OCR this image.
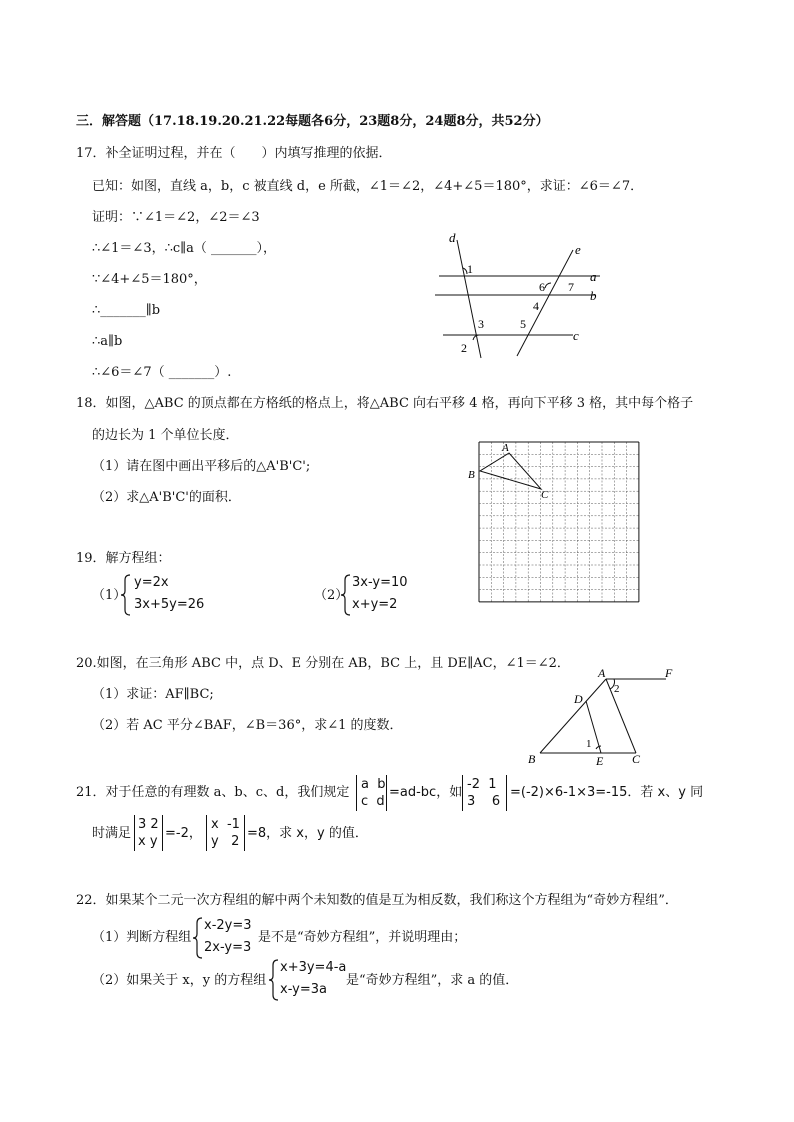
三．解答题（17.18.19.20.21.22每题各6分，23题8分，24题8分，共52分）
17．补全证明过程，并在（　　）内填写推理的依据．
已知：如图，直线 a，b，c 被直线 d，e 所截，∠1＝∠2，∠4+∠5＝180°，求证：∠6＝∠7．
证明：∵∠1＝∠2，∠2＝∠3
∴∠1＝∠3，∴c∥a（ _______），
∵∠4+∠5＝180°，
∴_______∥b
∴a∥b
∴∠6＝∠7（ _______）.
d
e
a
b
c
1
2
3
4
5
6 7
18．如图，△ABC 的顶点都在方格纸的格点上，将△ABC 向右平移 4 格，再向下平移 3 格，其中每个格子
的边长为 1 个单位长度．
（1）请在图中画出平移后的△A'B'C';
（2）求△A'B'C'的面积．
A
B
C
19．解方程组：
（1）
y=2x
3x+5y=26
（2）
3x-y=10
x+y=2
20.如图，在三角形 ABC 中，点 D、E 分别在 AB，BC 上，且 DE∥AC，∠1＝∠2．
（1）求证：AF∥BC;
（2）若 AC 平分∠BAF，∠B＝36°，求∠1 的度数．
A	F
D
B	E C
1
2
21．对于任意的有理数 a、b、c、d，我们规定
a b
c d
=ad-bc，如
-2 1
3 6
=(-2)×6-1×3=-15．若 x、y 同
时满足
3 2
x y
=-2，
x -1
y 2
=8，求 x，y 的值．
22．如果某个二元一次方程组的解中两个未知数的值是互为相反数，我们称这个方程组为“奇妙方程组”．
（1）判断方程组
x-2y=3
2x-y=3
是不是“奇妙方程组”，并说明理由；
（2）如果关于 x，y 的方程组
x+3y=4-a
x-y=3a
是“奇妙方程组”，求 a 的值．
